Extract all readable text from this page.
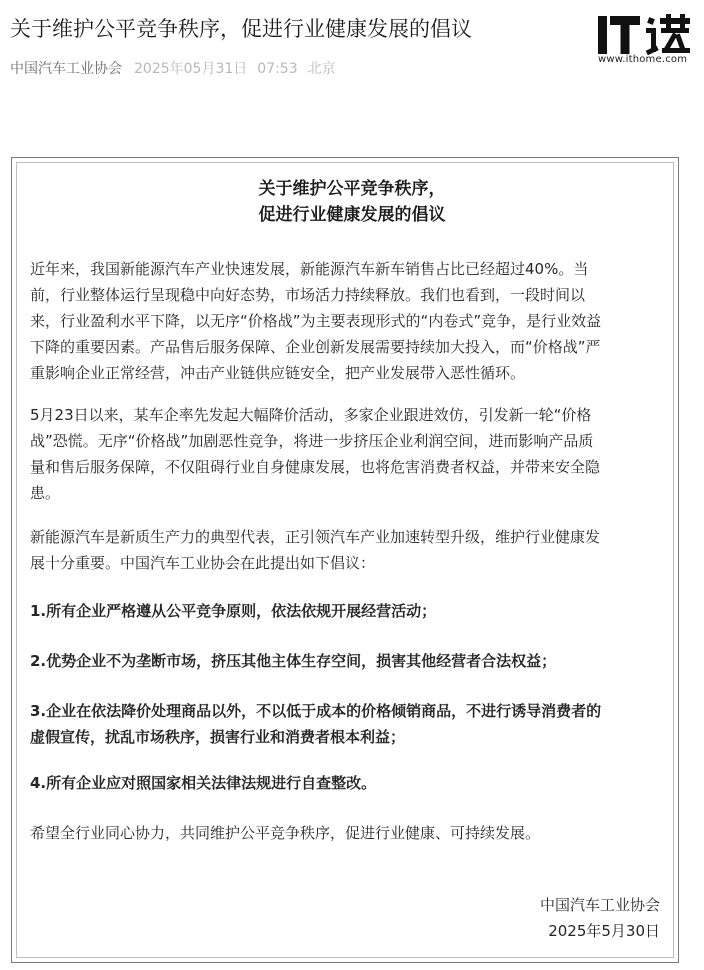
关于维护公平竞争秩序，促进行业健康发展的倡议
中国汽车工业协会 2025年05月31日 07:53 北京
www.ithome.com
关于维护公平竞争秩序，
促进行业健康发展的倡议
近年来，我国新能源汽车产业快速发展，新能源汽车新车销售占比已经超过40%。当
前，行业整体运行呈现稳中向好态势，市场活力持续释放。我们也看到，一段时间以
来，行业盈利水平下降，以无序“价格战”为主要表现形式的“内卷式”竞争，是行业效益
下降的重要因素。产品售后服务保障、企业创新发展需要持续加大投入，而“价格战”严
重影响企业正常经营，冲击产业链供应链安全，把产业发展带入恶性循环。
5月23日以来，某车企率先发起大幅降价活动，多家企业跟进效仿，引发新一轮“价格
战”恐慌。无序“价格战”加剧恶性竞争，将进一步挤压企业利润空间，进而影响产品质
量和售后服务保障，不仅阻碍行业自身健康发展，也将危害消费者权益，并带来安全隐
患。
新能源汽车是新质生产力的典型代表，正引领汽车产业加速转型升级，维护行业健康发
展十分重要。中国汽车工业协会在此提出如下倡议：
1.所有企业严格遵从公平竞争原则，依法依规开展经营活动；
2.优势企业不为垄断市场，挤压其他主体生存空间，损害其他经营者合法权益；
3.企业在依法降价处理商品以外，不以低于成本的价格倾销商品，不进行诱导消费者的
虚假宣传，扰乱市场秩序，损害行业和消费者根本利益；
4.所有企业应对照国家相关法律法规进行自查整改。
希望全行业同心协力，共同维护公平竞争秩序，促进行业健康、可持续发展。
中国汽车工业协会
2025年5月30日
